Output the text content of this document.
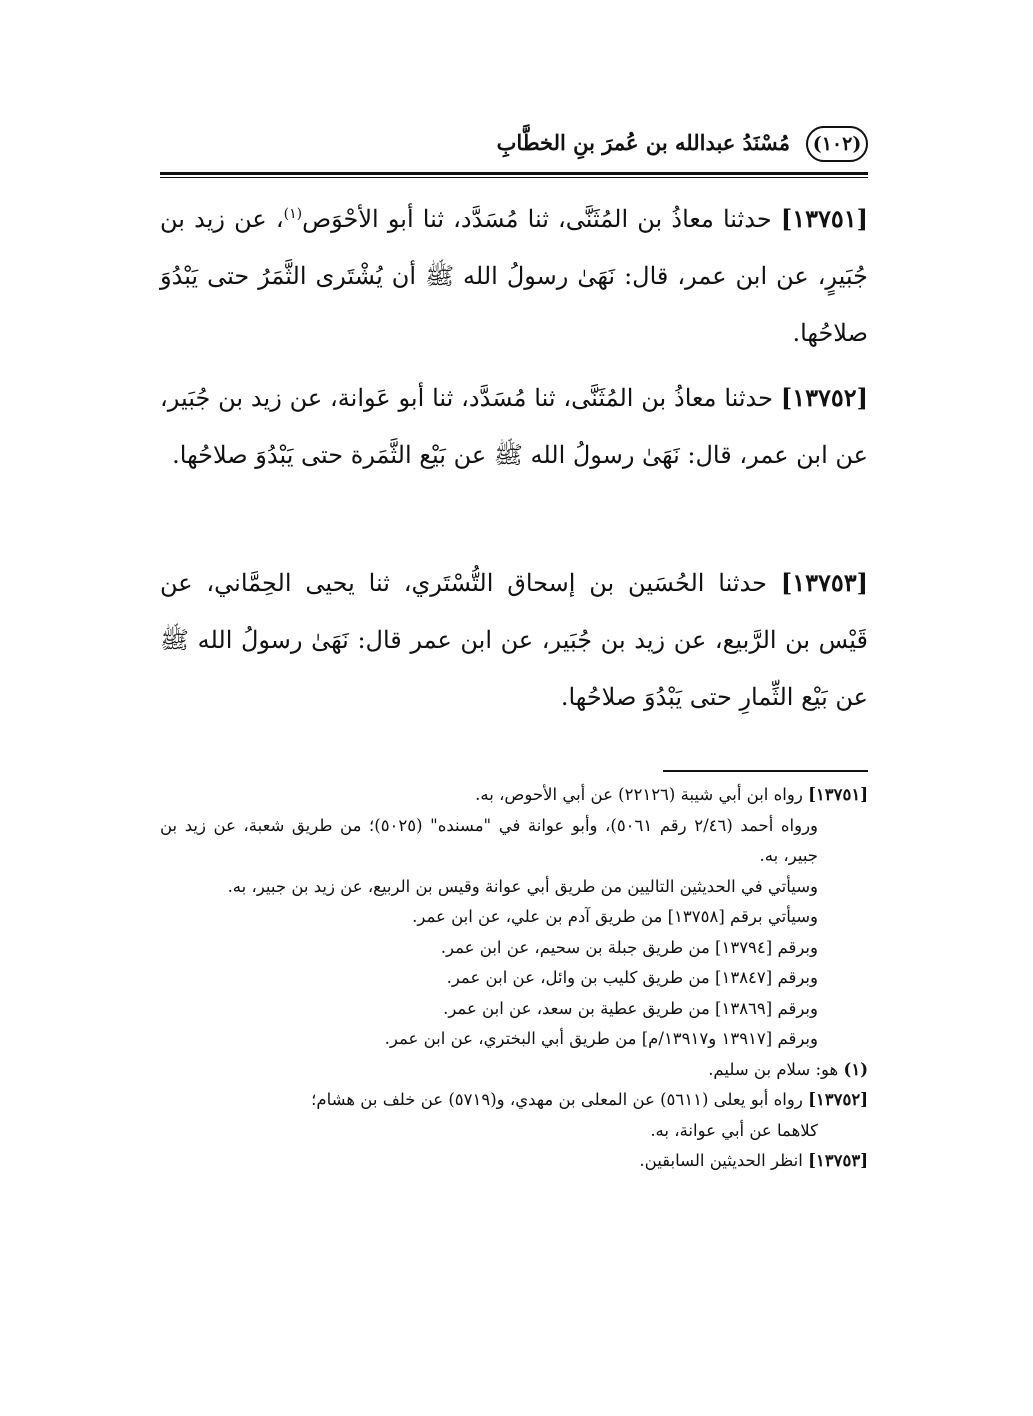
(١٠٢)
مُسْنَدُ عبدالله بن عُمرَ بنِ الخطَّابِ

[١٣٧٥١] حدثنا معاذُ بن المُثَنَّى، ثنا مُسَدَّد، ثنا أبو الأحْوَص$^{(١)}$، عن زيد بن جُبَيرٍ، عن ابن عمر، قال: نَهَىٰ رسولُ الله ﷺ أن يُشْتَرى الثَّمَرُ حتى يَبْدُوَ صلاحُها.

[١٣٧٥٢] حدثنا معاذُ بن المُثَنَّى، ثنا مُسَدَّد، ثنا أبو عَوانة، عن زيد بن جُبَير، عن ابن عمر، قال: نَهَىٰ رسولُ الله ﷺ عن بَيْع الثَّمَرة حتى يَبْدُوَ صلاحُها.

[١٣٧٥٣] حدثنا الحُسَين بن إسحاق التُّسْتَري، ثنا يحيى الحِمَّاني، عن قَيْس بن الرَّبيع، عن زيد بن جُبَير، عن ابن عمر قال: نَهَىٰ رسولُ الله ﷺ عن بَيْع الثِّمارِ حتى يَبْدُوَ صلاحُها.

[١٣٧٥١] رواه ابن أبي شيبة (٢٢١٢٦) عن أبي الأحوص، به.
ورواه أحمد (٢/٤٦ رقم ٥٠٦١)، وأبو عوانة في "مسنده" (٥٠٢٥)؛ من طريق شعبة، عن زيد بن جبير، به.
وسيأتي في الحديثين التاليين من طريق أبي عوانة وقيس بن الربيع، عن زيد بن جبير، به.
وسيأتي برقم [١٣٧٥٨] من طريق آدم بن علي، عن ابن عمر.
وبرقم [١٣٧٩٤] من طريق جبلة بن سحيم، عن ابن عمر.
وبرقم [١٣٨٤٧] من طريق كليب بن وائل، عن ابن عمر.
وبرقم [١٣٨٦٩] من طريق عطية بن سعد، عن ابن عمر.
وبرقم [١٣٩١٧ و١٣٩١٧/م] من طريق أبي البختري، عن ابن عمر.
(١) هو: سلام بن سليم.
[١٣٧٥٢] رواه أبو يعلى (٥٦١١) عن المعلى بن مهدي، و(٥٧١٩) عن خلف بن هشام؛
كلاهما عن أبي عوانة، به.
[١٣٧٥٣] انظر الحديثين السابقين.
